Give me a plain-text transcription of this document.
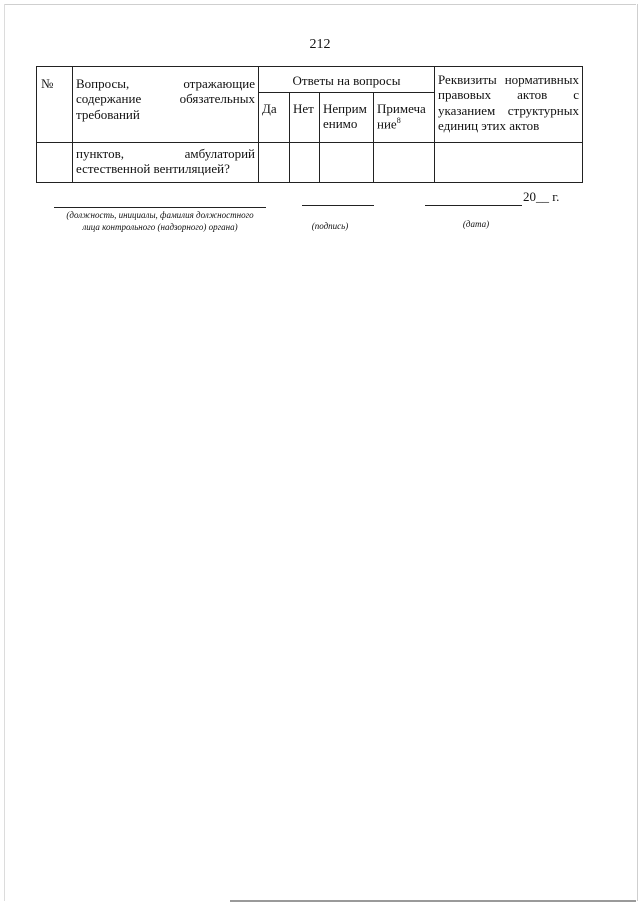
212
№	Вопросы, отражающие содержание обязательных требований	Ответы на вопросы				Реквизиты нормативных правовых актов с указанием структурных единиц этих актов
		Да	Нет	Неприменимо	Примечание$^8$
	пунктов, амбулаторий естественной вентиляцией?					
20__ г.
(должность, инициалы, фамилия должностного
лица контрольного (надзорного) органа)	(подпись)	(дата)
